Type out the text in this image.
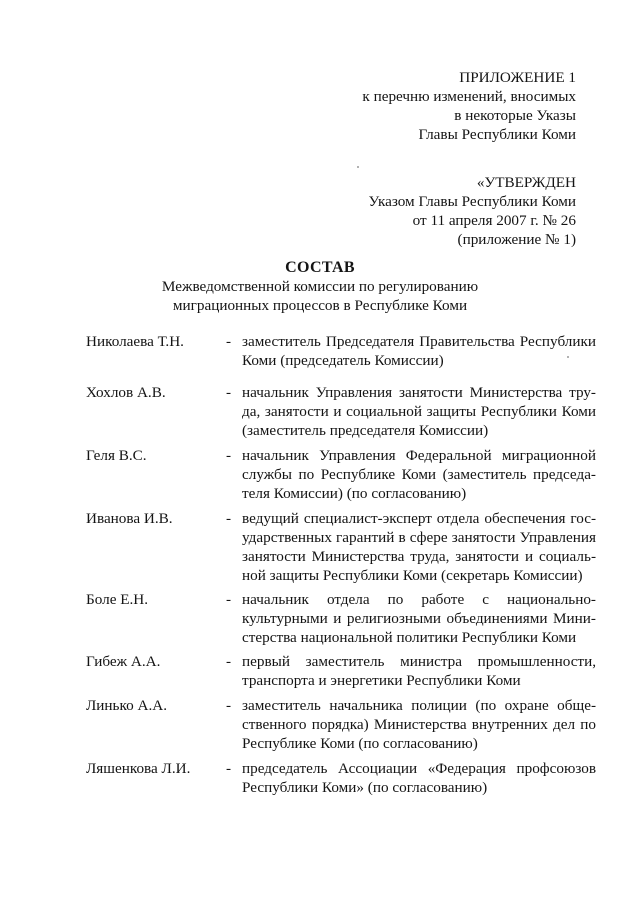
ПРИЛОЖЕНИЕ 1
к перечню изменений, вносимых
в некоторые Указы
Главы Республики Коми
«УТВЕРЖДЕН
Указом Главы Республики Коми
от 11 апреля 2007 г. № 26
(приложение № 1)
СОСТАВ
Межведомственной комиссии по регулированию
миграционных процессов в Республике Коми
Николаева Т.Н.	- заместитель Председателя Правительства Республики
Коми (председатель Комиссии)
Хохлов А.В.	- начальник Управления занятости Министерства тру-
да, занятости и социальной защиты Республики Коми
(заместитель председателя Комиссии)
Геля В.С.	- начальник Управления Федеральной миграционной
службы по Республике Коми (заместитель председа-
теля Комиссии) (по согласованию)
Иванова И.В.	- ведущий специалист-эксперт отдела обеспечения гос-
ударственных гарантий в сфере занятости Управления
занятости Министерства труда, занятости и социаль-
ной защиты Республики Коми (секретарь Комиссии)
Боле Е.Н.	- начальник отдела по работе с национально-
культурными и религиозными объединениями Мини-
стерства национальной политики Республики Коми
Гибеж А.А.	- первый заместитель министра промышленности,
транспорта и энергетики Республики Коми
Линько А.А.	- заместитель начальника полиции (по охране обще-
ственного порядка) Министерства внутренних дел по
Республике Коми (по согласованию)
Ляшенкова Л.И.	- председатель Ассоциации «Федерация профсоюзов
Республики Коми» (по согласованию)
